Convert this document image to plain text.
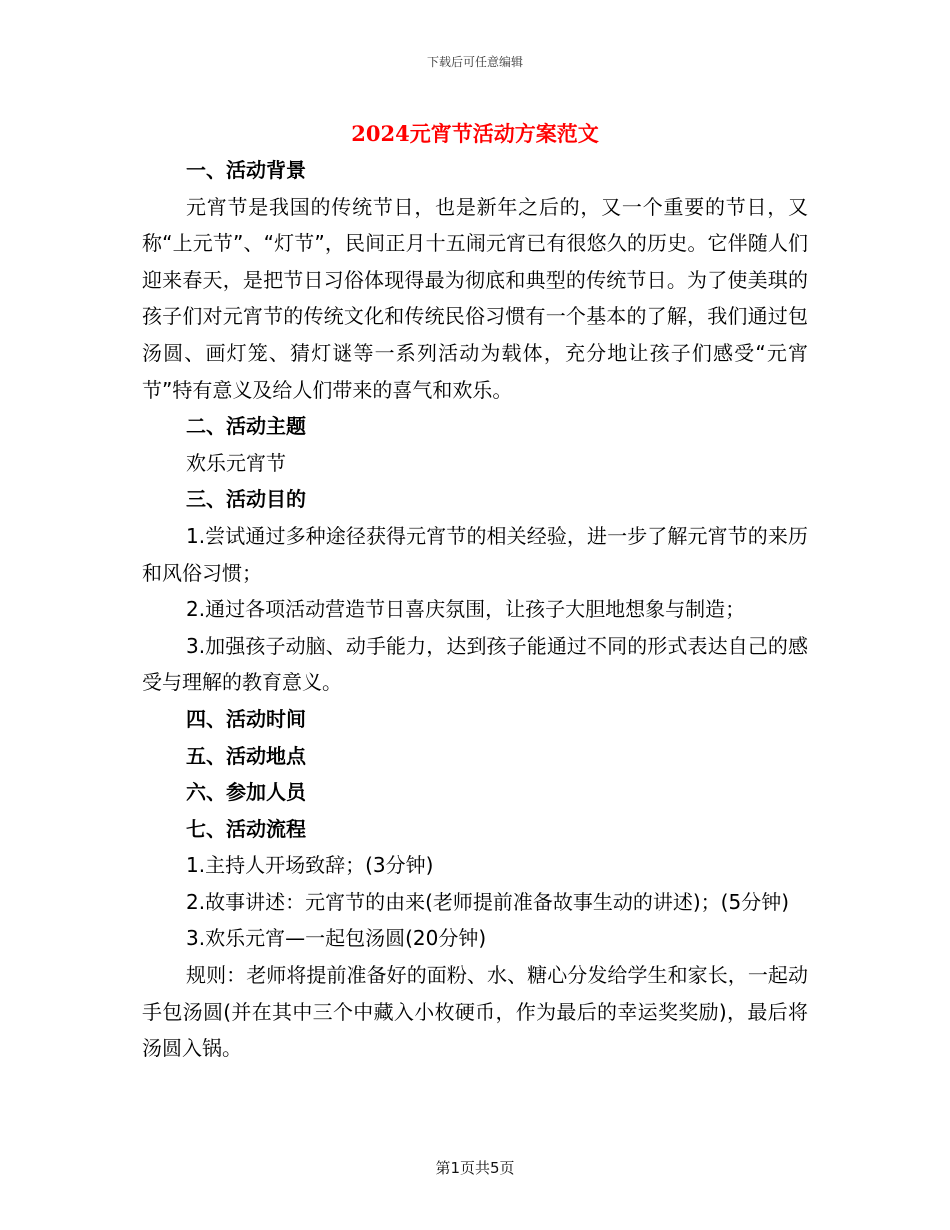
下载后可任意编辑
2024元宵节活动方案范文

一、活动背景

元宵节是我国的传统节日，也是新年之后的，又一个重要的节日，又称“上元节”、“灯节”，民间正月十五闹元宵已有很悠久的历史。它伴随人们迎来春天，是把节日习俗体现得最为彻底和典型的传统节日。为了使美琪的孩子们对元宵节的传统文化和传统民俗习惯有一个基本的了解，我们通过包汤圆、画灯笼、猜灯谜等一系列活动为载体，充分地让孩子们感受“元宵节”特有意义及给人们带来的喜气和欢乐。

二、活动主题

欢乐元宵节

三、活动目的

1.尝试通过多种途径获得元宵节的相关经验，进一步了解元宵节的来历和风俗习惯；

2.通过各项活动营造节日喜庆氛围，让孩子大胆地想象与制造；

3.加强孩子动脑、动手能力，达到孩子能通过不同的形式表达自己的感受与理解的教育意义。

四、活动时间

五、活动地点

六、参加人员

七、活动流程

1.主持人开场致辞；(3分钟)

2.故事讲述：元宵节的由来(老师提前准备故事生动的讲述)；(5分钟)

3.欢乐元宵—一起包汤圆(20分钟)

规则：老师将提前准备好的面粉、水、糖心分发给学生和家长，一起动手包汤圆(并在其中三个中藏入小枚硬币，作为最后的幸运奖奖励)，最后将汤圆入锅。

第1页共5页
